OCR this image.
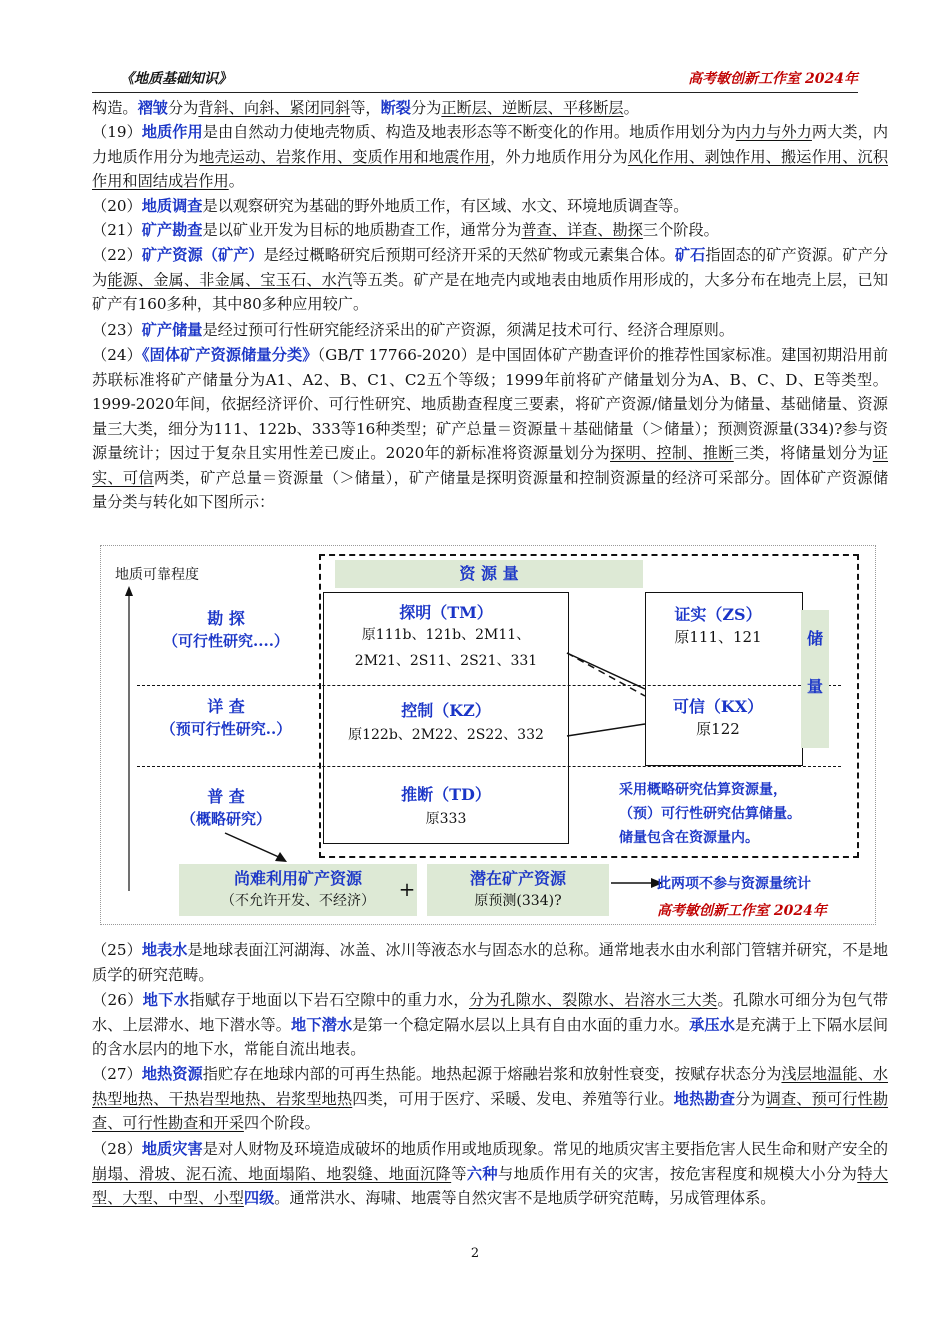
《地质基础知识》	高考敏创新工作室 2024年
构造。褶皱分为背斜、向斜、紧闭同斜等，断裂分为正断层、逆断层、平移断层。
（19）地质作用是由自然动力使地壳物质、构造及地表形态等不断变化的作用。地质作用划分为内力与外力两大类，内力地质作用分为地壳运动、岩浆作用、变质作用和地震作用，外力地质作用分为风化作用、剥蚀作用、搬运作用、沉积作用和固结成岩作用。
（20）地质调查是以观察研究为基础的野外地质工作，有区域、水文、环境地质调查等。
（21）矿产勘查是以矿业开发为目标的地质勘查工作，通常分为普查、详查、勘探三个阶段。
（22）矿产资源（矿产）是经过概略研究后预期可经济开采的天然矿物或元素集合体。矿石指固态的矿产资源。矿产分为能源、金属、非金属、宝玉石、水汽等五类。矿产是在地壳内或地表由地质作用形成的，大多分布在地壳上层，已知矿产有160多种，其中80多种应用较广。
（23）矿产储量是经过预可行性研究能经济采出的矿产资源，须满足技术可行、经济合理原则。
（24）《固体矿产资源储量分类》（GB/T 17766-2020）是中国固体矿产勘查评价的推荐性国家标准。建国初期沿用前苏联标准将矿产储量分为A1、A2、B、C1、C2五个等级；1999年前将矿产储量划分为A、B、C、D、E等类型。1999-2020年间，依据经济评价、可行性研究、地质勘查程度三要素，将矿产资源/储量划分为储量、基础储量、资源量三大类，细分为111、122b、333等16种类型；矿产总量＝资源量＋基础储量（＞储量）；预测资源量(334)?参与资源量统计；因过于复杂且实用性差已废止。2020年的新标准将资源量划分为探明、控制、推断三类，将储量划分为证实、可信两类，矿产总量＝资源量（＞储量），矿产储量是探明资源量和控制资源量的经济可采部分。固体矿产资源储量分类与转化如下图所示：
地质可靠程度	资 源 量
勘 探
（可行性研究....）
详 查
（预可行性研究..）
普 查
（概略研究）
探明（TM）
原111b、121b、2M11、
2M21、2S11、2S21、331
控制（KZ）
原122b、2M22、2S22、332
推断（TD）
原333
证实（ZS）
原111、121
可信（KX）
原122
储
量
采用概略研究估算资源量，
（预）可行性研究估算储量。
储量包含在资源量内。
尚难利用矿产资源
（不允许开发、不经济）	+	潜在矿产资源
原预测(334)?
此两项不参与资源量统计
高考敏创新工作室 2024年
（25）地表水是地球表面江河湖海、冰盖、冰川等液态水与固态水的总称。通常地表水由水利部门管辖并研究，不是地质学的研究范畴。
（26）地下水指赋存于地面以下岩石空隙中的重力水，分为孔隙水、裂隙水、岩溶水三大类。孔隙水可细分为包气带水、上层滞水、地下潜水等。地下潜水是第一个稳定隔水层以上具有自由水面的重力水。承压水是充满于上下隔水层间的含水层内的地下水，常能自流出地表。
（27）地热资源指贮存在地球内部的可再生热能。地热起源于熔融岩浆和放射性衰变，按赋存状态分为浅层地温能、水热型地热、干热岩型地热、岩浆型地热四类，可用于医疗、采暖、发电、养殖等行业。地热勘查分为调查、预可行性勘查、可行性勘查和开采四个阶段。
（28）地质灾害是对人财物及环境造成破坏的地质作用或地质现象。常见的地质灾害主要指危害人民生命和财产安全的崩塌、滑坡、泥石流、地面塌陷、地裂缝、地面沉降等六种与地质作用有关的灾害，按危害程度和规模大小分为特大型、大型、中型、小型四级。通常洪水、海啸、地震等自然灾害不是地质学研究范畴，另成管理体系。
2
